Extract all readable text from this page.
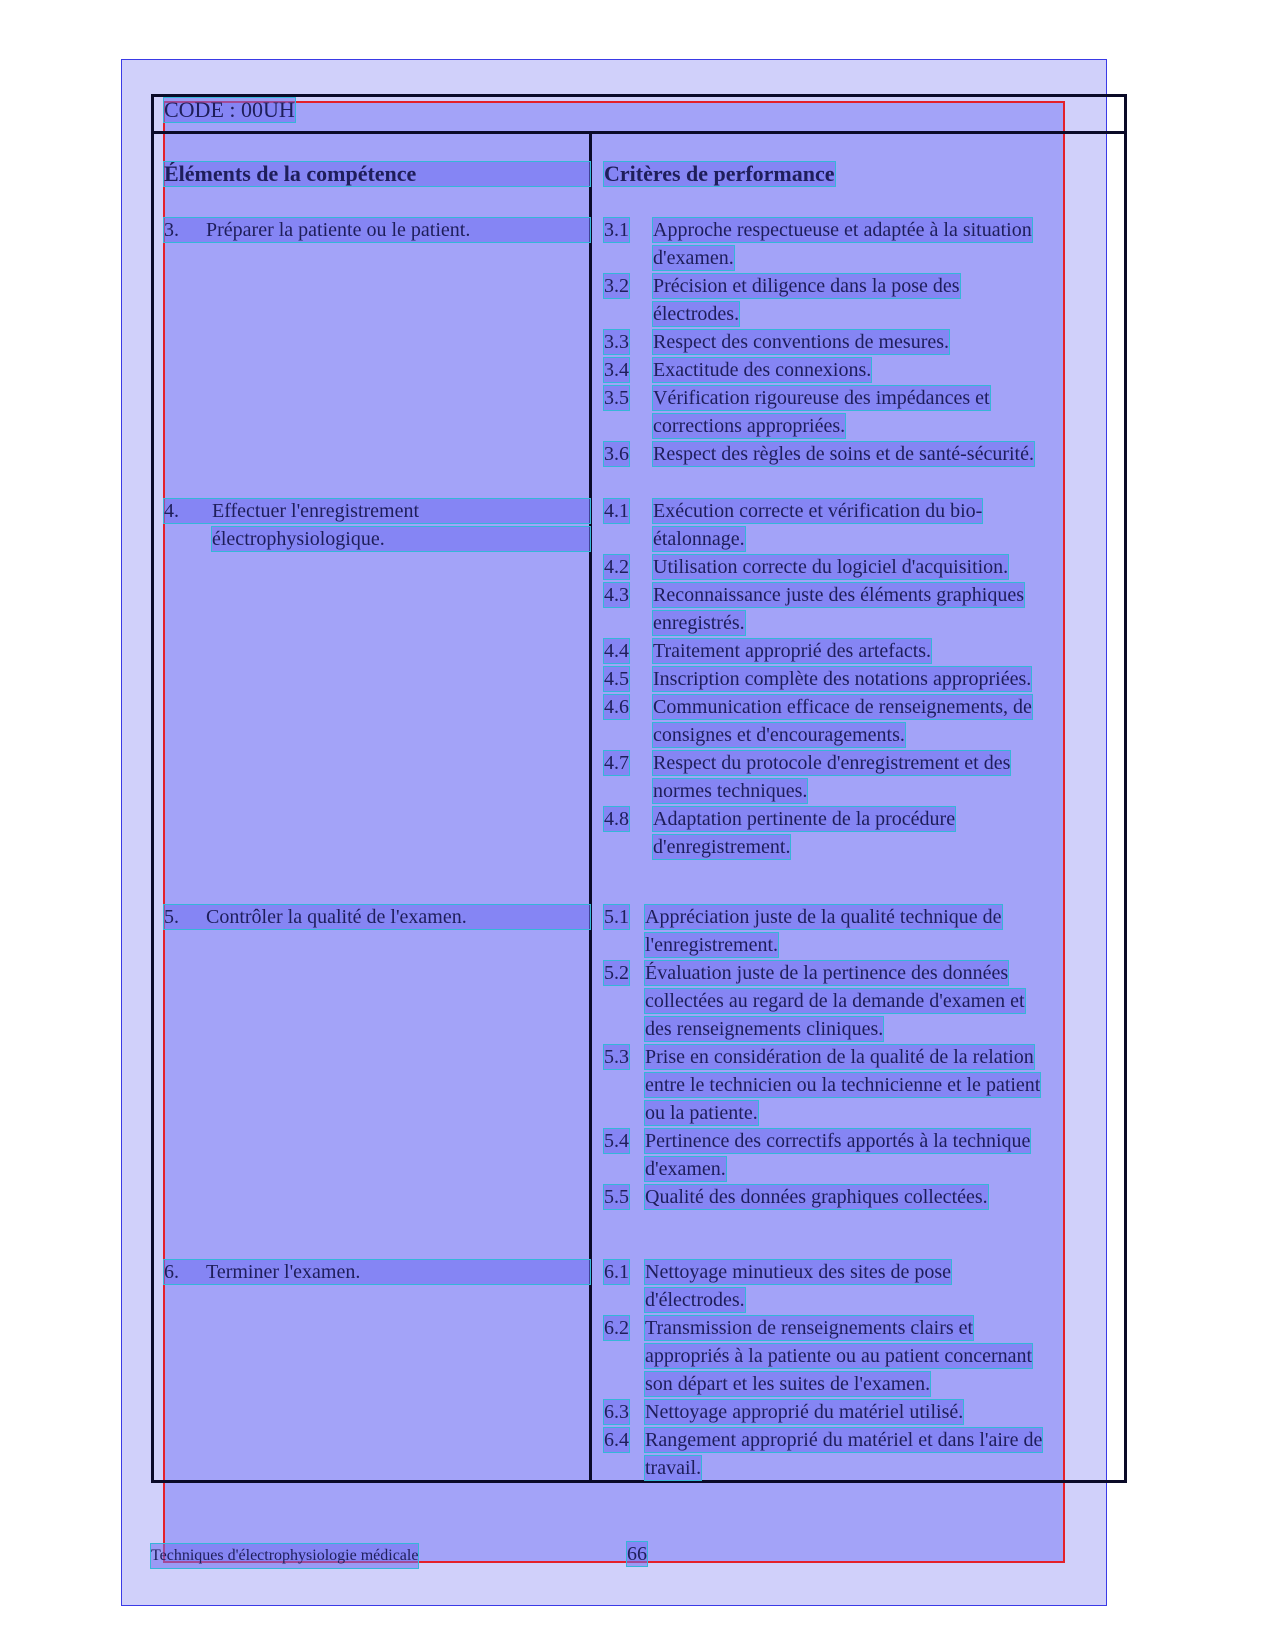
CODE : 00UH
Éléments de la compétence	Critères de performance
3. Préparer la patiente ou le patient.
4. Effectuer l'enregistrement
électrophysiologique.
5. Contrôler la qualité de l'examen.
6. Terminer l'examen.
3.1 Approche respectueuse et adaptée à la situation
d'examen.
3.2 Précision et diligence dans la pose des
électrodes.
3.3 Respect des conventions de mesures.
3.4 Exactitude des connexions.
3.5 Vérification rigoureuse des impédances et
corrections appropriées.
3.6 Respect des règles de soins et de santé-sécurité.
4.1 Exécution correcte et vérification du bio-
étalonnage.
4.2 Utilisation correcte du logiciel d'acquisition.
4.3 Reconnaissance juste des éléments graphiques
enregistrés.
4.4 Traitement approprié des artefacts.
4.5 Inscription complète des notations appropriées.
4.6 Communication efficace de renseignements, de
consignes et d'encouragements.
4.7 Respect du protocole d'enregistrement et des
normes techniques.
4.8 Adaptation pertinente de la procédure
d'enregistrement.
5.1 Appréciation juste de la qualité technique de
l'enregistrement.
5.2 Évaluation juste de la pertinence des données
collectées au regard de la demande d'examen et
des renseignements cliniques.
5.3 Prise en considération de la qualité de la relation
entre le technicien ou la technicienne et le patient
ou la patiente.
5.4 Pertinence des correctifs apportés à la technique
d'examen.
5.5 Qualité des données graphiques collectées.
6.1 Nettoyage minutieux des sites de pose
d'électrodes.
6.2 Transmission de renseignements clairs et
appropriés à la patiente ou au patient concernant
son départ et les suites de l'examen.
6.3 Nettoyage approprié du matériel utilisé.
6.4 Rangement approprié du matériel et dans l'aire de
travail.
Techniques d'électrophysiologie médicale	66
